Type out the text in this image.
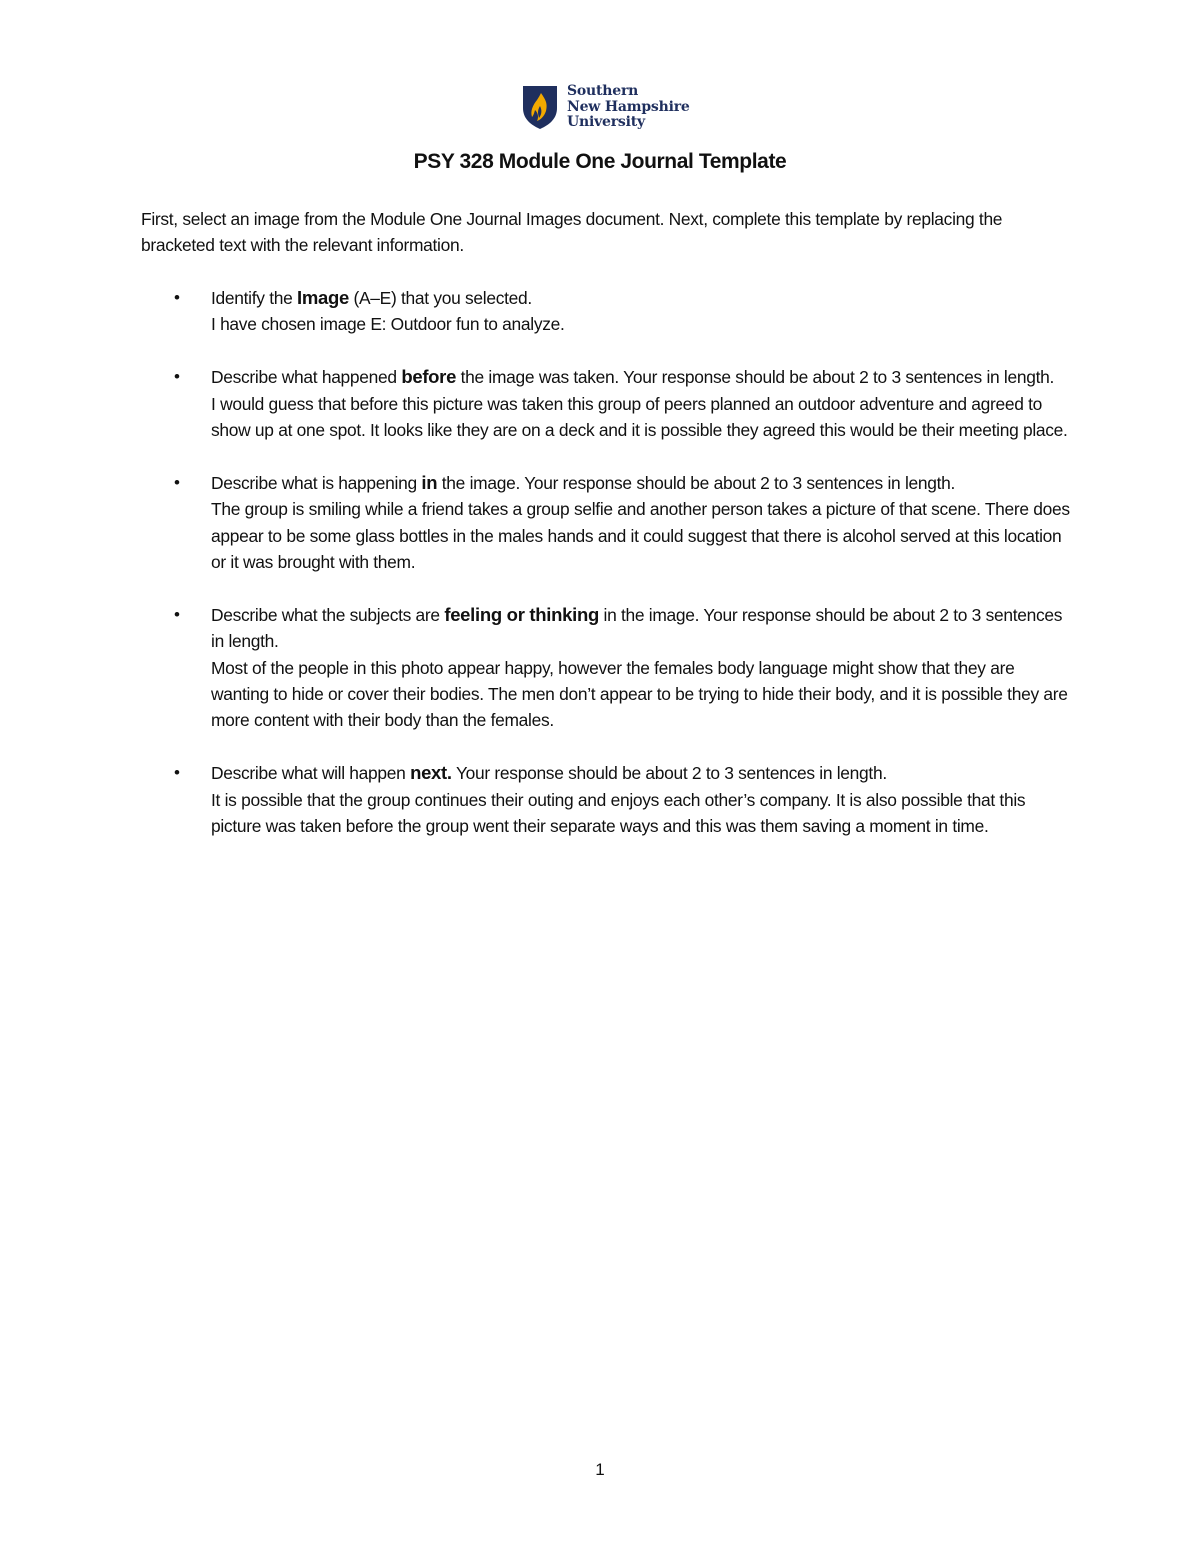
Southern
New Hampshire
University
PSY 328 Module One Journal Template

First, select an image from the Module One Journal Images document. Next, complete this template by replacing the bracketed text with the relevant information.

• Identify the Image (A–E) that you selected.
I have chosen image E: Outdoor fun to analyze.
• Describe what happened before the image was taken. Your response should be about 2 to 3 sentences in length.
I would guess that before this picture was taken this group of peers planned an outdoor adventure and agreed to show up at one spot. It looks like they are on a deck and it is possible they agreed this would be their meeting place.
• Describe what is happening in the image. Your response should be about 2 to 3 sentences in length.
The group is smiling while a friend takes a group selfie and another person takes a picture of that scene. There does appear to be some glass bottles in the males hands and it could suggest that there is alcohol served at this location or it was brought with them.
• Describe what the subjects are feeling or thinking in the image. Your response should be about 2 to 3 sentences in length.
Most of the people in this photo appear happy, however the females body language might show that they are wanting to hide or cover their bodies. The men don’t appear to be trying to hide their body, and it is possible they are more content with their body than the females.
• Describe what will happen next. Your response should be about 2 to 3 sentences in length.
It is possible that the group continues their outing and enjoys each other’s company. It is also possible that this picture was taken before the group went their separate ways and this was them saving a moment in time.
1
